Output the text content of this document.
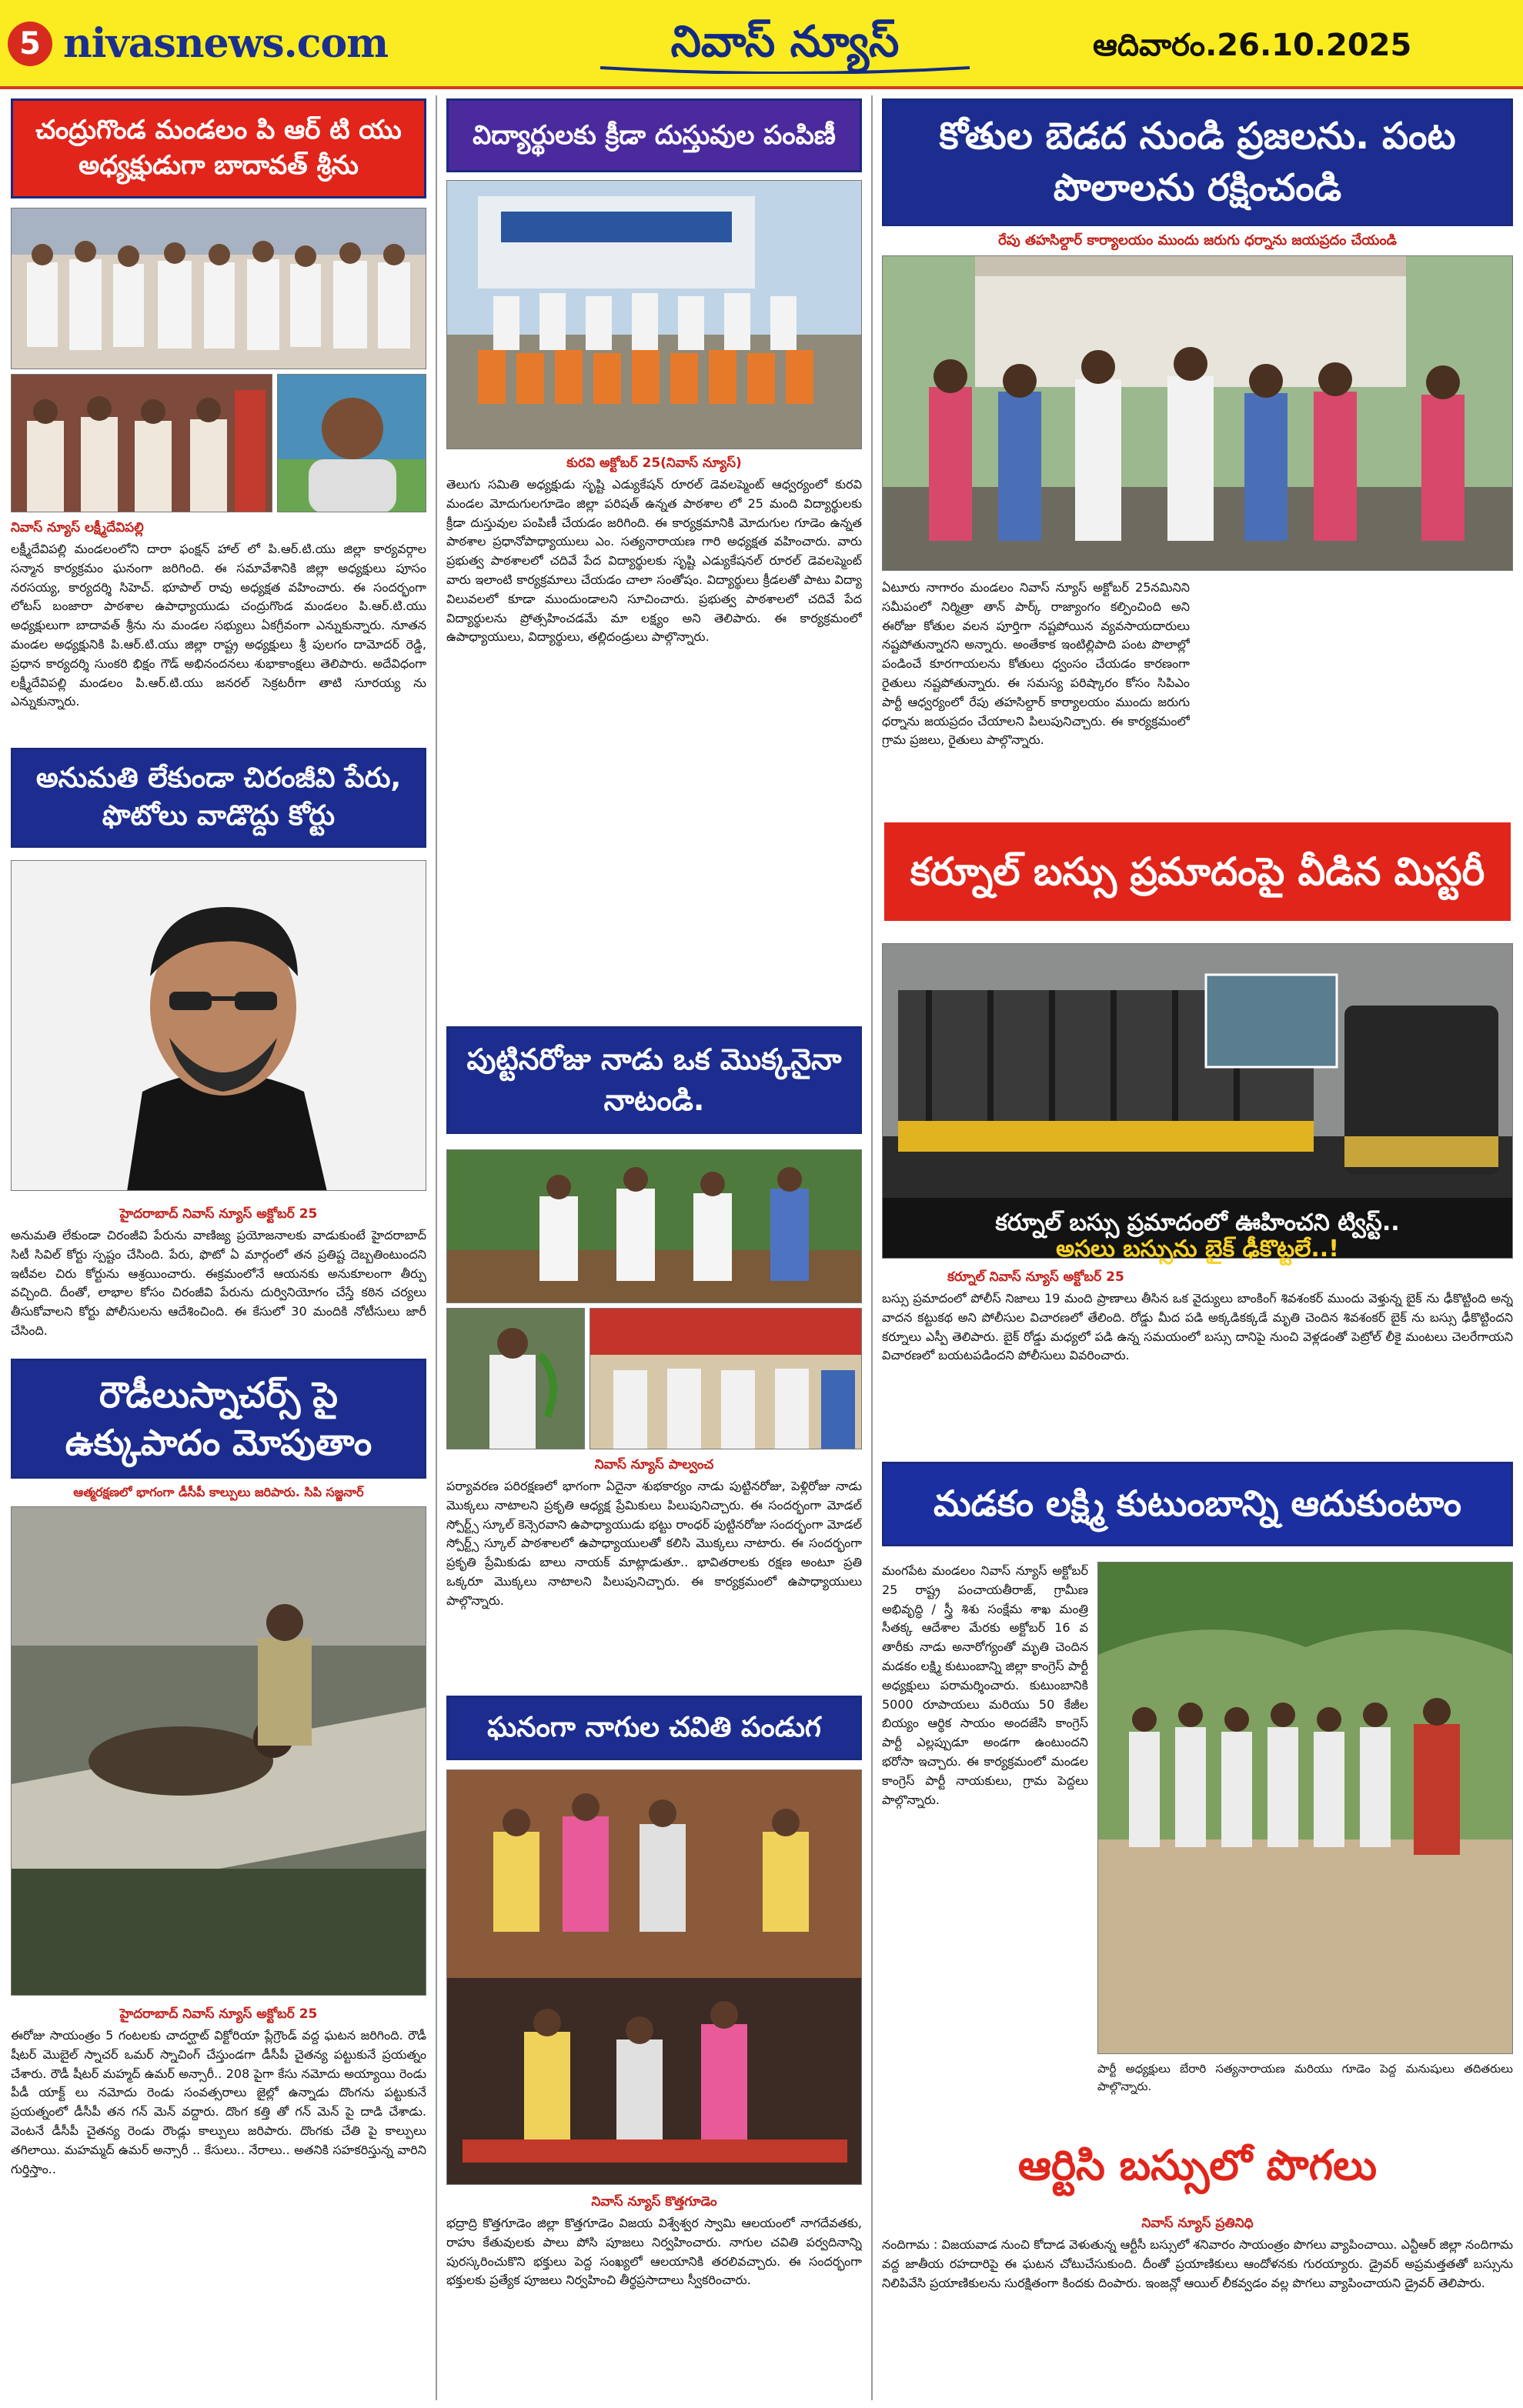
5 nivasnews.com	నివాస్ న్యూస్	ఆదివారం.26.10.2025
చంద్రుగొండ మండలం పి ఆర్ టి యు అధ్యక్షుడుగా బాదావత్ శ్రీను
నివాస్ న్యూస్ లక్ష్మీదేవిపల్లి
లక్ష్మీదేవిపల్లి మండలంలోని దారా ఫంక్షన్ హాల్ లో పి.ఆర్.టి.యు జిల్లా కార్యవర్గాల సన్మాన కార్యక్రమం ఘనంగా జరిగింది. ఈ సమావేశానికి జిల్లా అధ్యక్షులు పూసం నరసయ్య, కార్యదర్శి సిహెచ్. భూపాల్ రావు అధ్యక్షత వహించారు. ఈ సందర్భంగా లోటస్ బంజారా పాఠశాల ఉపాధ్యాయుడు చంద్రుగొండ మండలం పి.ఆర్.టి.యు అధ్యక్షులుగా బాదావత్ శ్రీను ను మండల సభ్యులు ఏకగ్రీవంగా ఎన్నుకున్నారు. నూతన మండల అధ్యక్షునికి పి.ఆర్.టి.యు జిల్లా రాష్ట్ర అధ్యక్షులు శ్రీ పులగం దామోదర్ రెడ్డి, ప్రధాన కార్యదర్శి సుంకరి భిక్షం గౌడ్ అభినందనలు శుభాకాంక్షలు తెలిపారు. అదేవిధంగా లక్ష్మీదేవిపల్లి మండలం పి.ఆర్.టి.యు జనరల్ సెక్రటరీగా తాటి సూరయ్య ను ఎన్నుకున్నారు.
అనుమతి లేకుండా చిరంజీవి పేరు, ఫొటోలు వాడొద్దు కోర్టు
హైదరాబాద్ నివాస్ న్యూస్ అక్టోబర్ 25
అనుమతి లేకుండా చిరంజీవి పేరును వాణిజ్య ప్రయోజనాలకు వాడుకుంటే హైదరాబాద్ సిటీ సివిల్ కోర్టు స్పష్టం చేసింది. పేరు, ఫొటో ఏ మార్గంలో తన ప్రతిష్ట దెబ్బతింటుందని ఇటీవల చిరు కోర్టును ఆశ్రయించారు. ఈక్రమంలోనే ఆయనకు అనుకూలంగా తీర్పు వచ్చింది. దీంతో, లాభాల కోసం చిరంజీవి పేరును దుర్వినియోగం చేస్తే కఠిన చర్యలు తీసుకోవాలని కోర్టు పోలీసులను ఆదేశించింది. ఈ కేసులో 30 మందికి నోటీసులు జారీ చేసింది.
రౌడీలుస్నాచర్స్ పై ఉక్కుపాదం మోపుతాం
ఆత్మరక్షణలో భాగంగా డీసీపీ కాల్పులు జరిపారు. సిపి సజ్జనార్
హైదరాబాద్ నివాస్ న్యూస్ అక్టోబర్ 25
ఈరోజు సాయంత్రం 5 గంటలకు చాదర్ఘాట్ విక్టోరియా ప్లేగ్రౌండ్ వద్ద ఘటన జరిగింది. రౌడీ షీటర్ మొబైల్ స్నాచర్ ఒమర్ స్నాచింగ్ చేస్తుండగా డీసీపీ చైతన్య పట్టుకునే ప్రయత్నం చేశారు. రౌడీ షీటర్ మహ్మద్ ఉమర్ అన్సారీ.. 208 పైగా కేసు నమోదు అయ్యాయి రెండు పీడీ యాక్ట్ లు నమోదు రెండు సంవత్సరాలు జైల్లో ఉన్నాడు దొంగను పట్టుకునే ప్రయత్నంలో డీసీపీ తన గన్ మెన్ వద్దారు. దొంగ కత్తి తో గన్ మెన్ పై దాడి చేశాడు. వెంటనే డీసీపీ చైతన్య రెండు రౌండ్లు కాల్పులు జరిపారు. దొంగకు చేతి పై కాల్పులు తగిలాయి. మహమ్మద్ ఉమర్ అన్సారీ .. కేసులు.. నేరాలు.. అతనికి సహకరిస్తున్న వారిని గుర్తిస్తాం..
విద్యార్థులకు క్రీడా దుస్తువుల పంపిణీ
కురవి అక్టోబర్ 25(నివాస్ న్యూస్)
తెలుగు సమితి అధ్యక్షుడు సృష్టి ఎడ్యుకేషన్ రూరల్ డెవలప్మెంట్ ఆధ్వర్యంలో కురవి మండల మోదుగులగూడెం జిల్లా పరిషత్ ఉన్నత పాఠశాల లో 25 మంది విద్యార్థులకు క్రీడా దుస్తువుల పంపిణీ చేయడం జరిగింది. ఈ కార్యక్రమానికి మోదుగుల గూడెం ఉన్నత పాఠశాల ప్రధానోపాధ్యాయులు ఎం. సత్యనారాయణ గారి అధ్యక్షత వహించారు. వారు ప్రభుత్వ పాఠశాలలో చదివే పేద విద్యార్థులకు సృష్టి ఎడ్యుకేషనల్ రూరల్ డెవలప్మెంట్ వారు ఇలాంటి కార్యక్రమాలు చేయడం చాలా సంతోషం. విద్యార్థులు క్రీడలతో పాటు విద్యా విలువలలో కూడా ముందుండాలని సూచించారు. ప్రభుత్వ పాఠశాలలో చదివే పేద విద్యార్థులను ప్రోత్సహించడమే మా లక్ష్యం అని తెలిపారు. ఈ కార్యక్రమంలో ఉపాధ్యాయులు, విద్యార్థులు, తల్లిదండ్రులు పాల్గొన్నారు.
పుట్టినరోజు నాడు ఒక మొక్కనైనా నాటండి.
నివాస్ న్యూస్ పాల్వంచ
పర్యావరణ పరిరక్షణలో భాగంగా ఏదైనా శుభకార్యం నాడు పుట్టినరోజు, పెళ్లిరోజు నాడు మొక్కలు నాటాలని ప్రకృతి ఆధ్యక్ష ప్రేమికులు పిలుపునిచ్చారు. ఈ సందర్భంగా మోడల్ స్పోర్ట్స్ స్కూల్ కెన్సెరవాని ఉపాధ్యాయుడు భట్టు రాంధర్ పుట్టినరోజు సందర్భంగా మోడల్ స్పోర్ట్స్ స్కూల్ పాఠశాలలో ఉపాధ్యాయులతో కలిసి మొక్కలు నాటారు. ఈ సందర్భంగా ప్రకృతి ప్రేమికుడు బాలు నాయక్ మాట్లాడుతూ.. భావితరాలకు రక్షణ అంటూ ప్రతి ఒక్కరూ మొక్కలు నాటాలని పిలుపునిచ్చారు. ఈ కార్యక్రమంలో ఉపాధ్యాయులు పాల్గొన్నారు.
ఘనంగా నాగుల చవితి పండుగ
నివాస్ న్యూస్ కొత్తగూడెం
భద్రాద్రి కొత్తగూడెం జిల్లా కొత్తగూడెం విజయ విశ్వేశ్వర స్వామి ఆలయంలో నాగదేవతకు, రాహు కేతువులకు పాలు పోసి పూజలు నిర్వహించారు. నాగుల చవితి పర్వదినాన్ని పురస్కరించుకొని భక్తులు పెద్ద సంఖ్యలో ఆలయానికి తరలివచ్చారు. ఈ సందర్భంగా భక్తులకు ప్రత్యేక పూజలు నిర్వహించి తీర్థప్రసాదాలు స్వీకరించారు.
కోతుల బెడద నుండి ప్రజలను. పంట పొలాలను రక్షించండి
రేపు తహసిల్దార్ కార్యాలయం ముందు జరుగు ధర్నాను జయప్రదం చేయండి
ఏటూరు నాగారం మండలం నివాస్ న్యూస్ అక్టోబర్ 25నమినిని సమీపంలో నిర్మిత్రా తాన్ పార్క్ రాజ్యాంగం కల్పించింది అని ఈరోజు కోతుల వలన పూర్తిగా నష్టపోయిన వ్యవసాయదారులు నష్టపోతున్నారని అన్నారు. అంతేకాక ఇంటిల్లిపాది పంట పొలాల్లో పండించే కూరగాయలను కోతులు ధ్వంసం చేయడం కారణంగా రైతులు నష్టపోతున్నారు. ఈ సమస్య పరిష్కారం కోసం సిపిఎం పార్టీ ఆధ్వర్యంలో రేపు తహసిల్దార్ కార్యాలయం ముందు జరుగు ధర్నాను జయప్రదం చేయాలని పిలుపునిచ్చారు. ఈ కార్యక్రమంలో గ్రామ ప్రజలు, రైతులు పాల్గొన్నారు.
కర్నూల్ బస్సు ప్రమాదంపై వీడిన మిస్టరీ
కర్నూల్ బస్సు ప్రమాదంలో ఊహించని ట్విస్ట్..
అసలు బస్సును బైక్ ఢీకొట్టలే..!
కర్నూల్ నివాస్ న్యూస్ అక్టోబర్ 25
బస్సు ప్రమాదంలో పోలీస్ నిజాలు 19 మంది ప్రాణాలు తీసిన ఒక వైద్యులు బాంకింగ్ శివశంకర్ ముందు వెళ్తున్న బైక్ ను ఢీకొట్టింది అన్న వాదన కట్టుకథ అని పోలీసుల విచారణలో తేలింది. రోడ్డు మీద పడి అక్కడికక్కడే మృతి చెందిన శివశంకర్ బైక్ ను బస్సు ఢీకొట్టిందని కర్నూలు ఎస్పీ తెలిపారు. బైక్ రోడ్డు మధ్యలో పడి ఉన్న సమయంలో బస్సు దానిపై నుంచి వెళ్లడంతో పెట్రోల్ లీకై మంటలు చెలరేగాయని విచారణలో బయటపడిందని పోలీసులు వివరించారు.
మడకం లక్ష్మి కుటుంబాన్ని ఆదుకుంటాం
మంగపేట మండలం నివాస్ న్యూస్ అక్టోబర్ 25 రాష్ట్ర పంచాయతీరాజ్, గ్రామీణ అభివృద్ధి / స్త్రీ శిశు సంక్షేమ శాఖ మంత్రి సీతక్క ఆదేశాల మేరకు అక్టోబర్ 16 వ తారీకు నాడు అనారోగ్యంతో మృతి చెందిన మడకం లక్ష్మి కుటుంబాన్ని జిల్లా కాంగ్రెస్ పార్టీ అధ్యక్షులు పరామర్శించారు. కుటుంబానికి 5000 రూపాయలు మరియు 50 కేజీల బియ్యం ఆర్థిక సాయం అందజేసి కాంగ్రెస్ పార్టీ ఎల్లప్పుడూ అండగా ఉంటుందని భరోసా ఇచ్చారు. ఈ కార్యక్రమంలో మండల కాంగ్రెస్ పార్టీ నాయకులు, గ్రామ పెద్దలు పాల్గొన్నారు.
పార్టీ అధ్యక్షులు బేరారి సత్యనారాయణ మరియు గూడెం పెద్ద మనుషులు తదితరులు పాల్గొన్నారు.
ఆర్టిసి బస్సులో పొగలు
నివాస్ న్యూస్ ప్రతినిధి
నందిగామ : విజయవాడ నుంచి కోదాడ వెళుతున్న ఆర్టీసీ బస్సులో శనివారం సాయంత్రం పొగలు వ్యాపించాయి. ఎన్టీఆర్ జిల్లా నందిగామ వద్ద జాతీయ రహదారిపై ఈ ఘటన చోటుచేసుకుంది. దీంతో ప్రయాణికులు ఆందోళనకు గురయ్యారు. డ్రైవర్ అప్రమత్తతతో బస్సును నిలిపివేసి ప్రయాణికులను సురక్షితంగా కిందకు దింపారు. ఇంజన్లో ఆయిల్ లీకవ్వడం వల్ల పొగలు వ్యాపించాయని డ్రైవర్ తెలిపారు.
